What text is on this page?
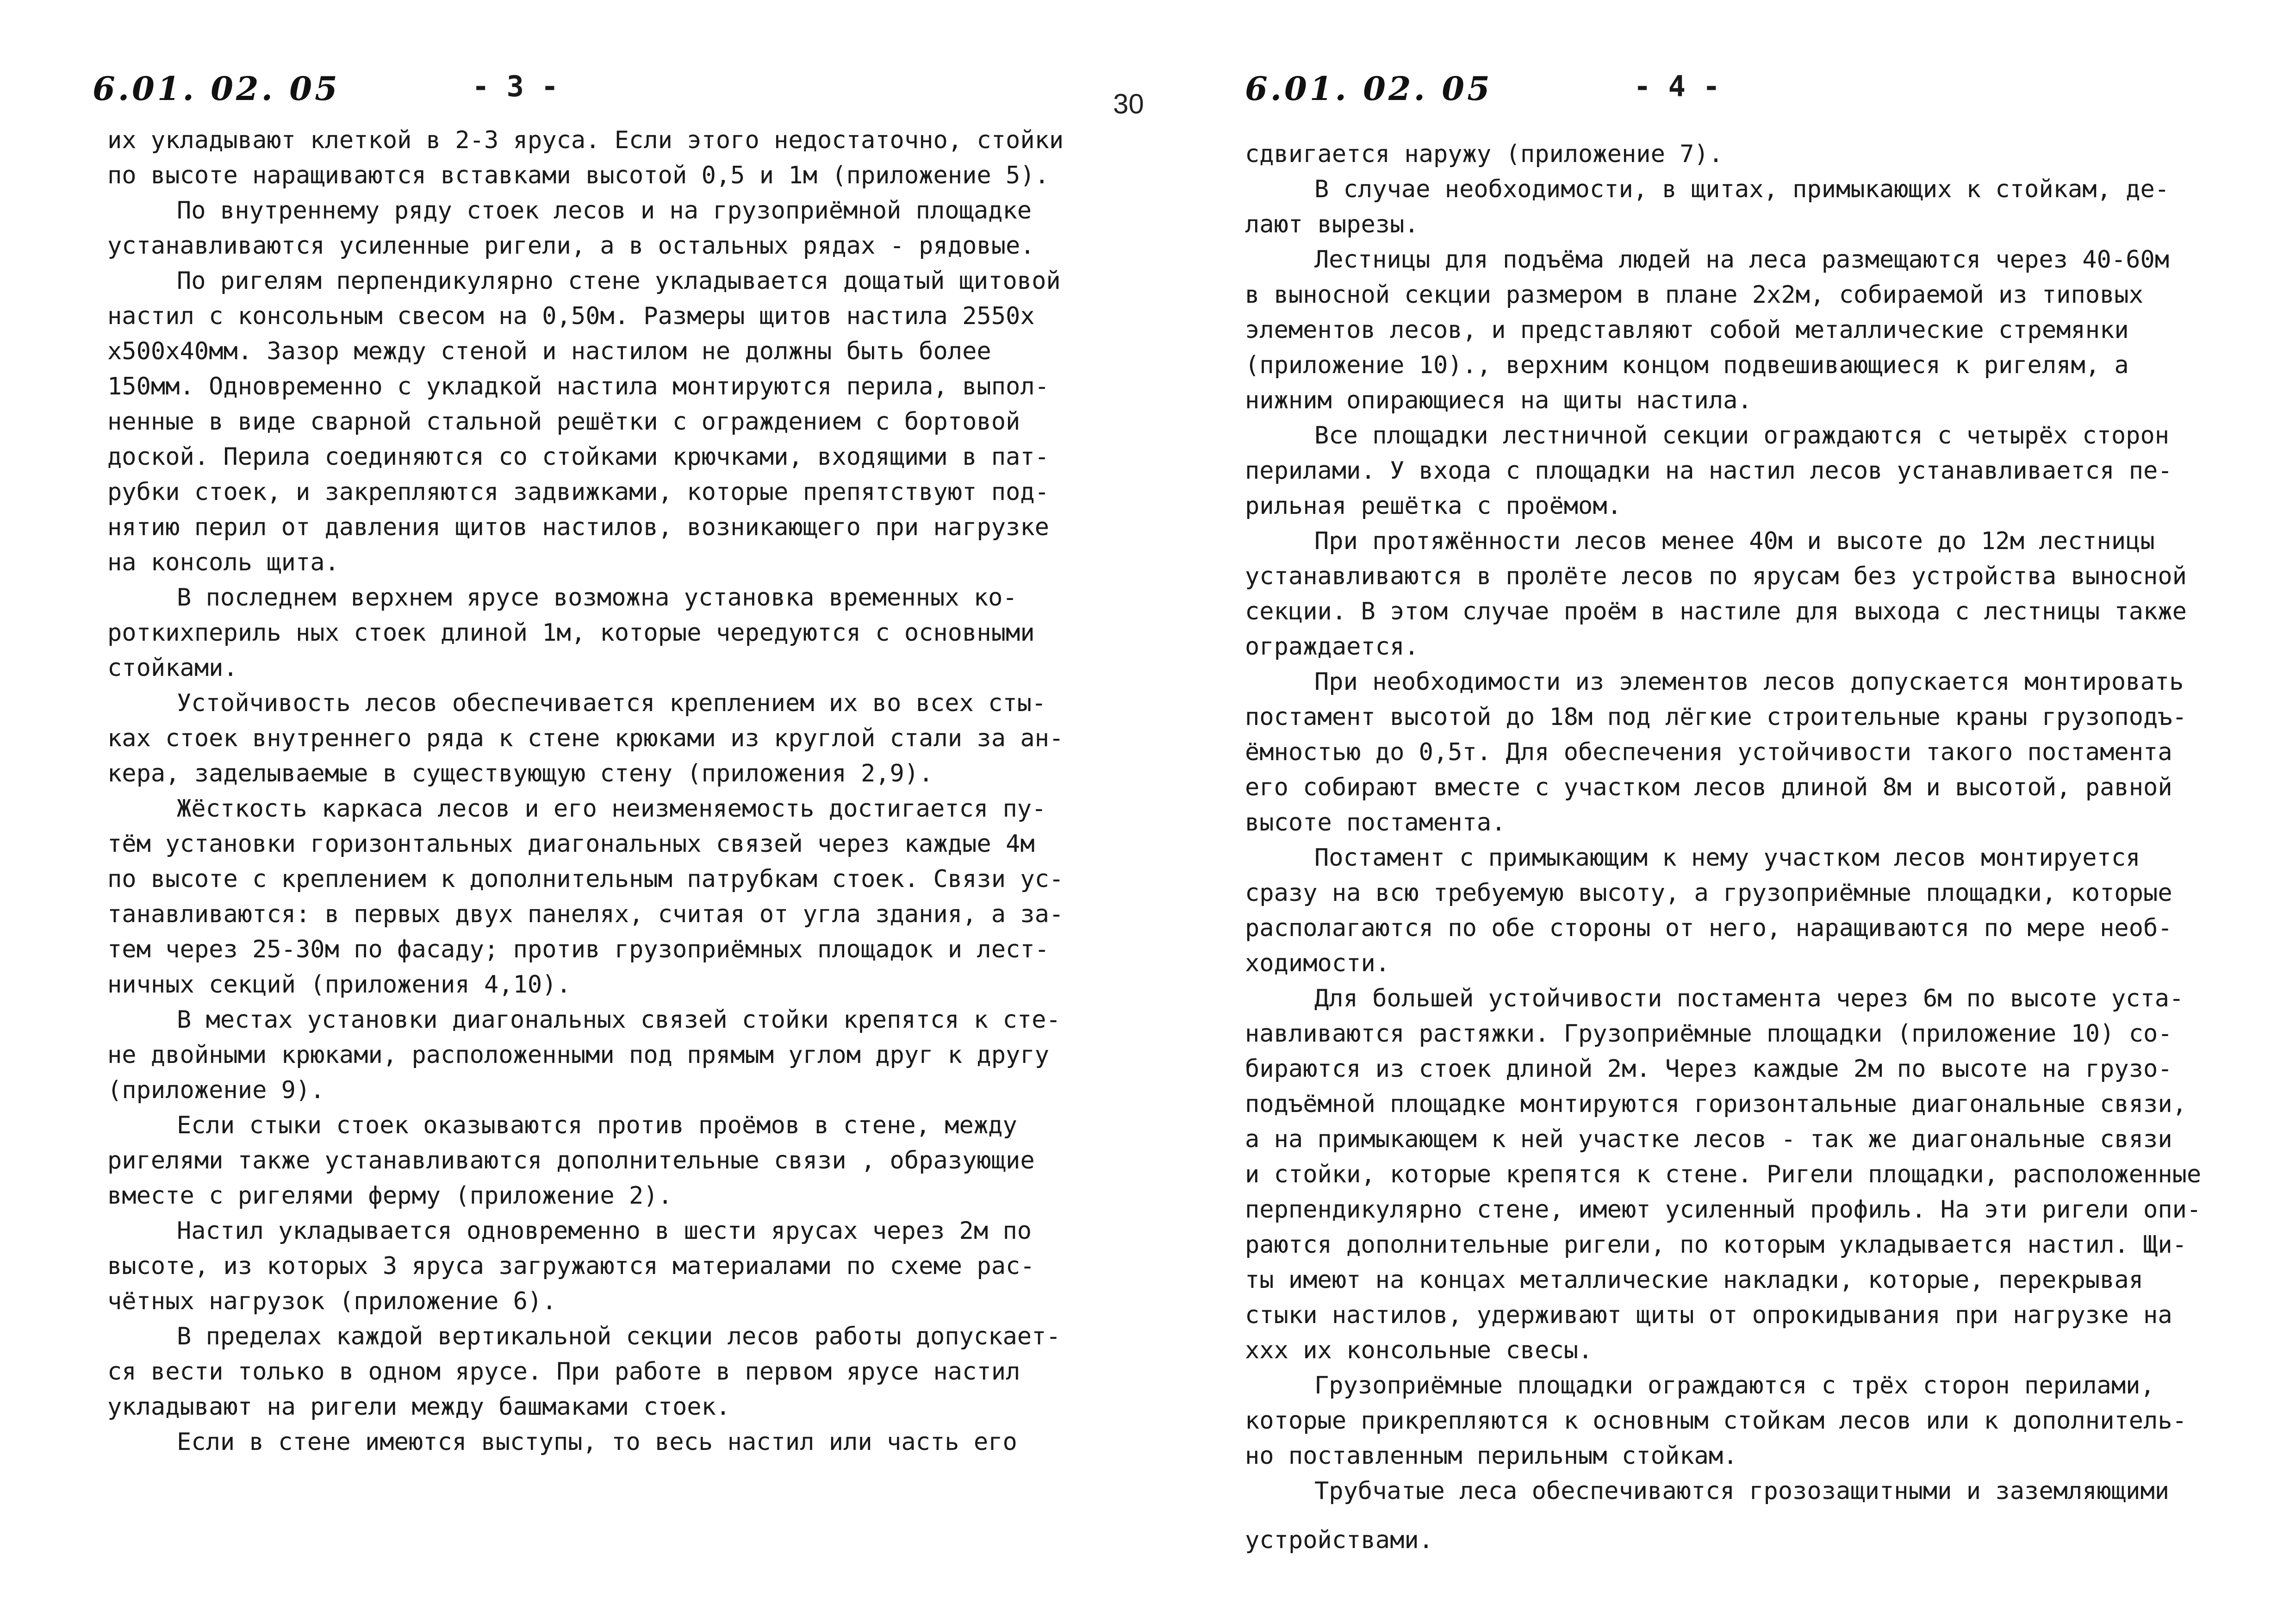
6.01. 02. 05	- 3 -
их укладывают клеткой в 2-3 яруса. Если этого недостаточно, стойки
по высоте наращиваются вставками высотой 0,5 и 1м (приложение 5).
По внутреннему ряду стоек лесов и на грузоприёмной площадке
устанавливаются усиленные ригели, а в остальных рядах - рядовые.
По ригелям перпендикулярно стене укладывается дощатый щитовой
настил с консольным свесом на 0,50м. Размеры щитов настила 2550х
х500х40мм. Зазор между стеной и настилом не должны быть более
150мм. Одновременно с укладкой настила монтируются перила, выпол-
ненные в виде сварной стальной решётки с ограждением с бортовой
доской. Перила соединяются со стойками крючками, входящими в пат-
рубки стоек, и закрепляются задвижками, которые препятствуют под-
нятию перил от давления щитов настилов, возникающего при нагрузке
на консоль щита.
В последнем верхнем ярусе возможна установка временных ко-
роткихпериль ных стоек длиной 1м, которые чередуются с основными
стойками.
Устойчивость лесов обеспечивается креплением их во всех сты-
ках стоек внутреннего ряда к стене крюками из круглой стали за ан-
кера, заделываемые в существующую стену (приложения 2,9).
Жёсткость каркаса лесов и его неизменяемость достигается пу-
тём установки горизонтальных диагональных связей через каждые 4м
по высоте с креплением к дополнительным патрубкам стоек. Связи ус-
танавливаются: в первых двух панелях, считая от угла здания, а за-
тем через 25-30м по фасаду; против грузоприёмных площадок и лест-
ничных секций (приложения 4,10).
В местах установки диагональных связей стойки крепятся к сте-
не двойными крюками, расположенными под прямым углом друг к другу
(приложение 9).
Если стыки стоек оказываются против проёмов в стене, между
ригелями также устанавливаются дополнительные связи , образующие
вместе с ригелями ферму (приложение 2).
Настил укладывается одновременно в шести ярусах через 2м по
высоте, из которых 3 яруса загружаются материалами по схеме рас-
чётных нагрузок (приложение 6).
В пределах каждой вертикальной секции лесов работы допускает-
ся вести только в одном ярусе. При работе в первом ярусе настил
укладывают на ригели между башмаками стоек.
Если в стене имеются выступы, то весь настил или часть его
30	6.01. 02. 05	- 4 -
сдвигается наружу (приложение 7).
В случае необходимости, в щитах, примыкающих к стойкам, де-
лают вырезы.
Лестницы для подъёма людей на леса размещаются через 40-60м
в выносной секции размером в плане 2х2м, собираемой из типовых
элементов лесов, и представляют собой металлические стремянки
(приложение 10)., верхним концом подвешивающиеся к ригелям, а
нижним опирающиеся на щиты настила.
Все площадки лестничной секции ограждаются с четырёх сторон
перилами. У входа с площадки на настил лесов устанавливается пе-
рильная решётка с проёмом.
При протяжённости лесов менее 40м и высоте до 12м лестницы
устанавливаются в пролёте лесов по ярусам без устройства выносной
секции. В этом случае проём в настиле для выхода с лестницы также
ограждается.
При необходимости из элементов лесов допускается монтировать
постамент высотой до 18м под лёгкие строительные краны грузоподъ-
ёмностью до 0,5т. Для обеспечения устойчивости такого постамента
его собирают вместе с участком лесов длиной 8м и высотой, равной
высоте постамента.
Постамент с примыкающим к нему участком лесов монтируется
сразу на всю требуемую высоту, а грузоприёмные площадки, которые
располагаются по обе стороны от него, наращиваются по мере необ-
ходимости.
Для большей устойчивости постамента через 6м по высоте уста-
навливаются растяжки. Грузоприёмные площадки (приложение 10) со-
бираются из стоек длиной 2м. Через каждые 2м по высоте на грузо-
подъёмной площадке монтируются горизонтальные диагональные связи,
а на примыкающем к ней участке лесов - так же диагональные связи
и стойки, которые крепятся к стене. Ригели площадки, расположенные
перпендикулярно стене, имеют усиленный профиль. На эти ригели опи-
раются дополнительные ригели, по которым укладывается настил. Щи-
ты имеют на концах металлические накладки, которые, перекрывая
стыки настилов, удерживают щиты от опрокидывания при нагрузке на
ххх их консольные свесы.
Грузоприёмные площадки ограждаются с трёх сторон перилами,
которые прикрепляются к основным стойкам лесов или к дополнитель-
но поставленным перильным стойкам.
Трубчатые леса обеспечиваются грозозащитными и заземляющими
устройствами.
